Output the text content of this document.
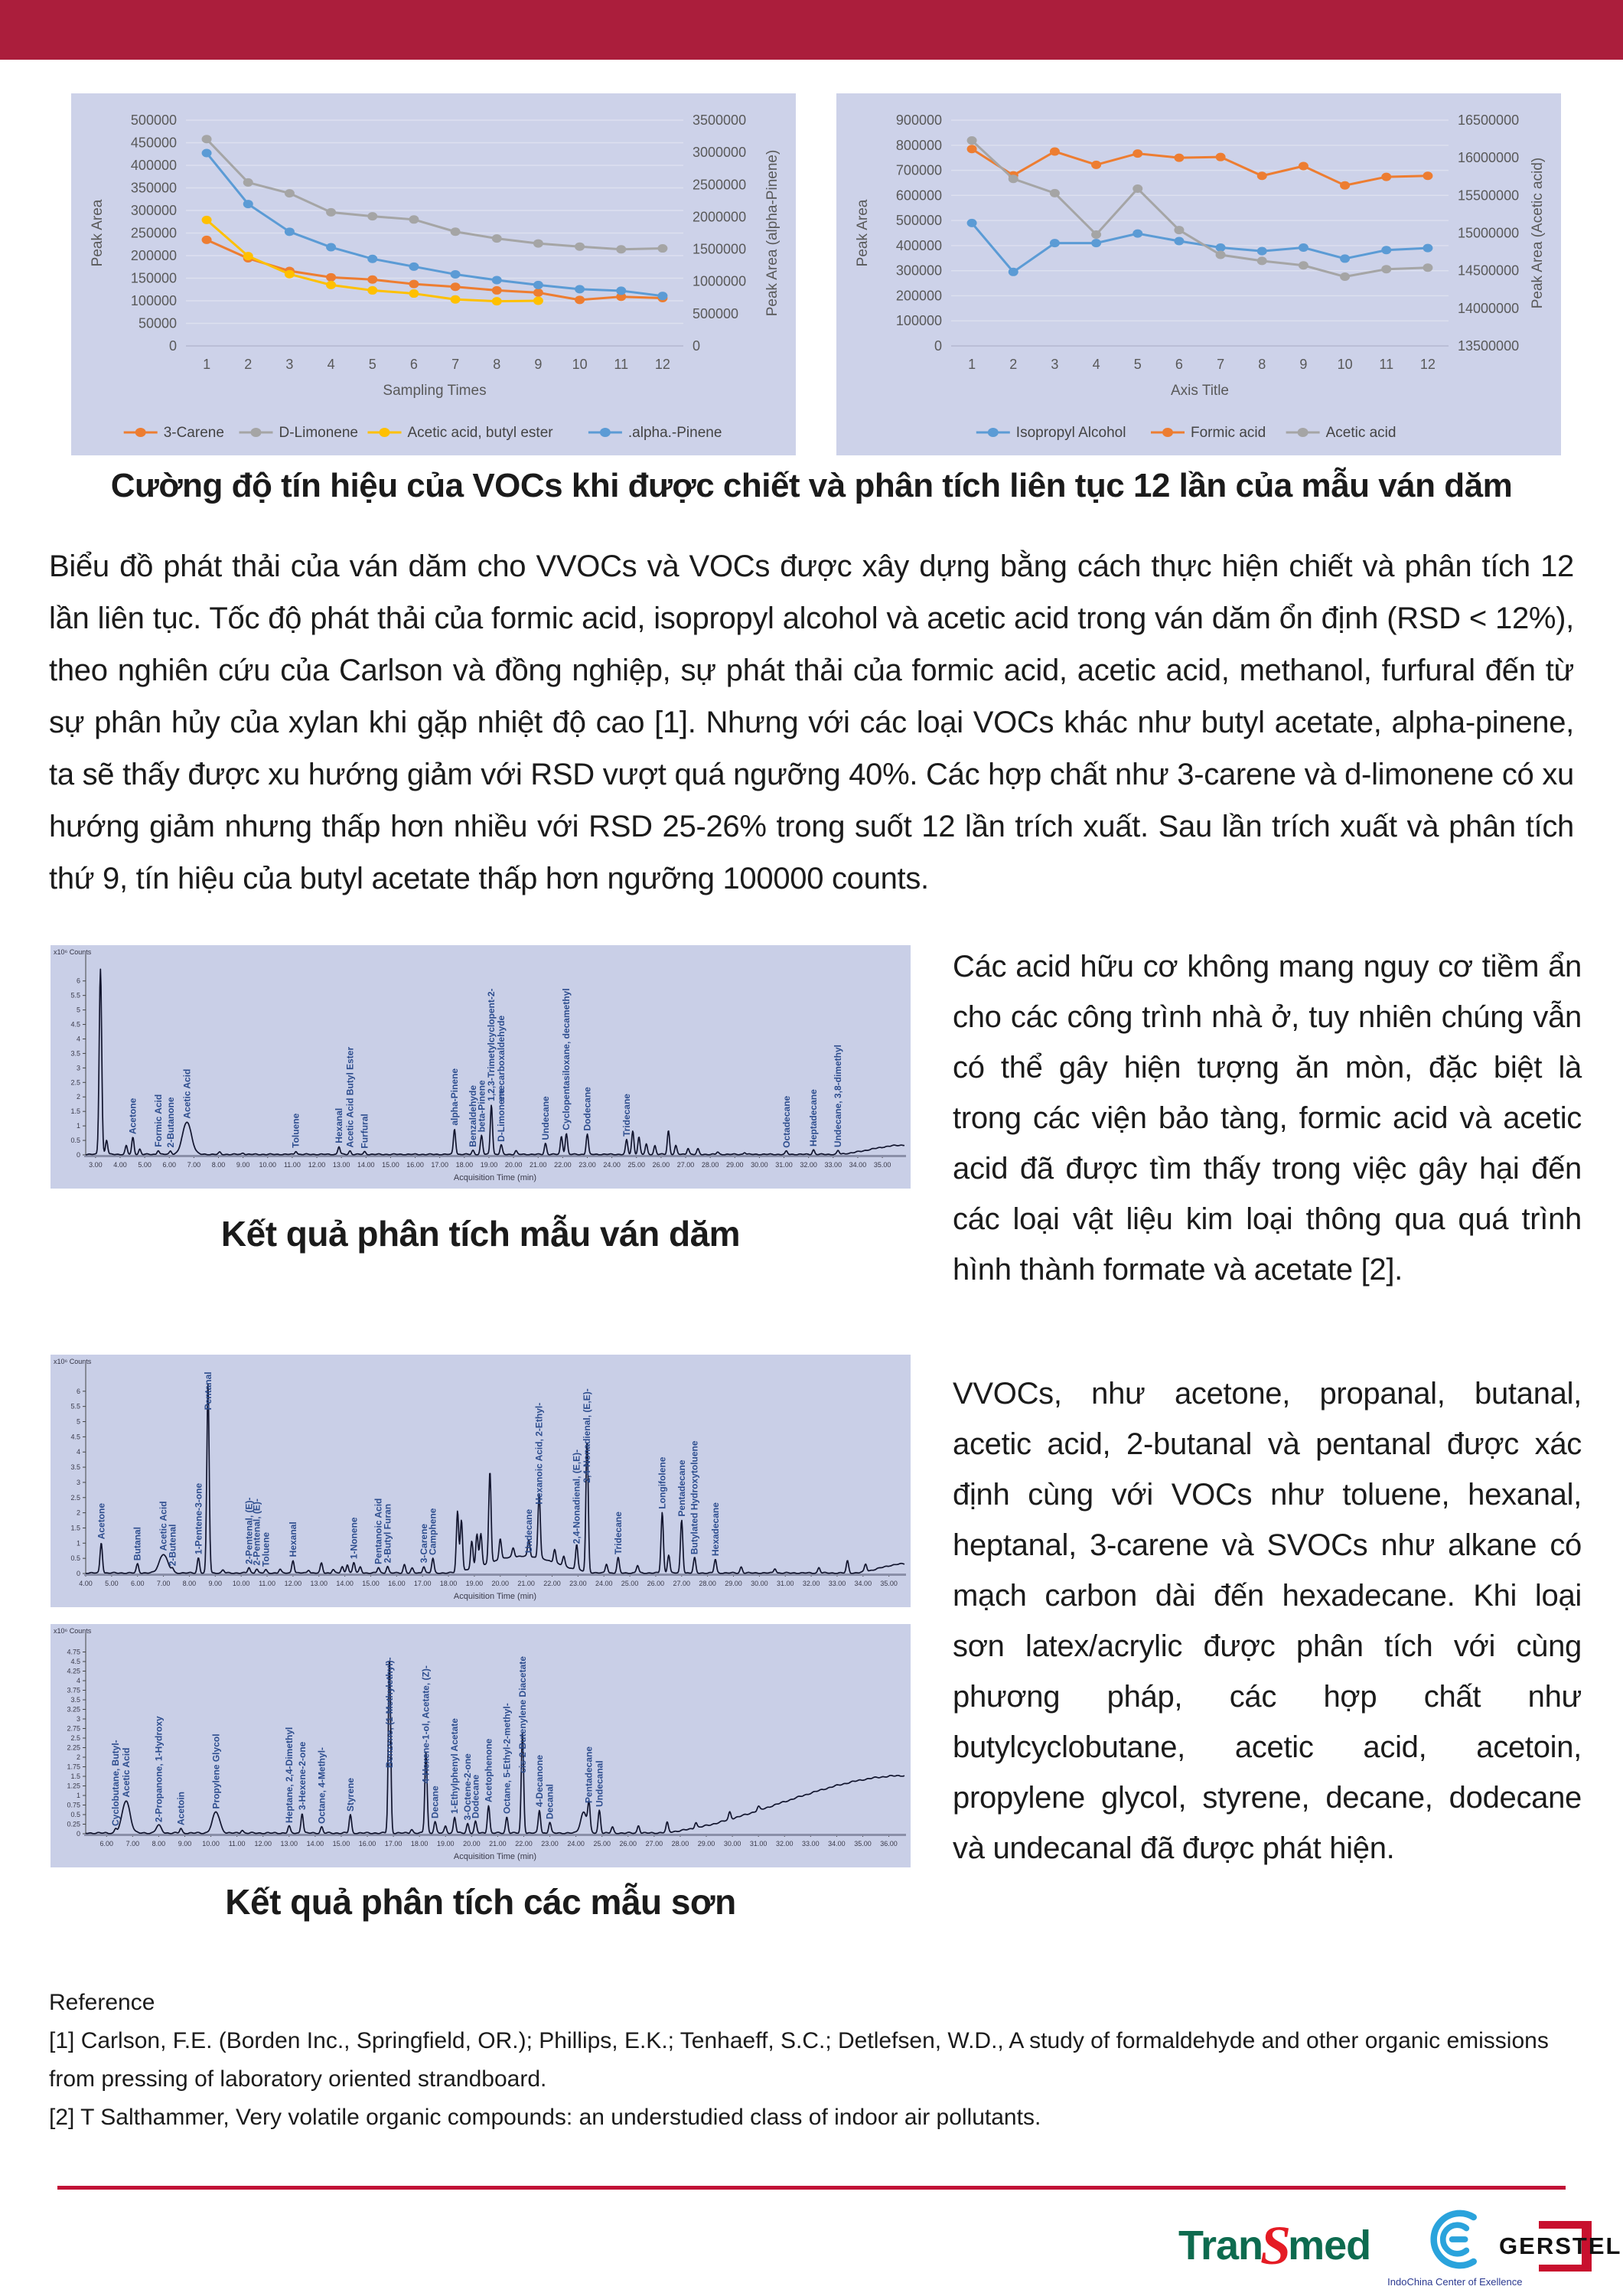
0
50000
100000
150000
200000
250000
300000
350000
400000
450000
500000
0
500000
1000000
1500000
2000000
2500000
3000000
3500000
1 2 3 4 5 6 7 8 9 10 11 12
Sampling Times
Peak Area	Peak Area (alpha-Pinene)
3-Carene	D-Limonene	Acetic acid, butyl ester	.alpha.-Pinene
0
100000
200000
300000
400000
500000
600000
700000
800000
900000
13500000
14000000
14500000
15000000
15500000
16000000
16500000
1 2 3 4 5 6 7 8 9 10 11 12
Axis Title
Peak Area	Peak Area (Acetic acid)
Isopropyl Alcohol	Formic acid	Acetic acid
Cường độ tín hiệu của VOCs khi được chiết và phân tích liên tục 12 lần của mẫu ván dăm
Biểu đồ phát thải của ván dăm cho VVOCs và VOCs được xây dựng bằng cách thực hiện chiết và phân tích 12 lần liên tục. Tốc độ phát thải của formic acid, isopropyl alcohol và acetic acid trong ván dăm ổn định (RSD < 12%), theo nghiên cứu của Carlson và đồng nghiệp, sự phát thải của formic acid, acetic acid, methanol, furfural đến từ sự phân hủy của xylan khi gặp nhiệt độ cao [1]. Nhưng với các loại VOCs khác như butyl acetate, alpha-pinene, ta sẽ thấy được xu hướng giảm với RSD vượt quá ngưỡng 40%. Các hợp chất như 3-carene và d-limonene có xu hướng giảm nhưng thấp hơn nhiều với RSD 25-26% trong suốt 12 lần trích xuất. Sau lần trích xuất và phân tích thứ 9, tín hiệu của butyl acetate thấp hơn ngưỡng 100000 counts.
0
0.5
1
1.5
2
2.5
3
3.5
4
4.5
5
5.5
6
x10⁶ Counts
3.00 4.00 5.00 6.00 7.00 8.00 9.00 10.00 11.00 12.00 13.00 14.00 15.00 16.00 17.00 18.00 19.00 20.00 21.00 22.00 23.00 24.00 25.00 26.00 27.00 28.00 29.00 30.00 31.00 32.00 33.00 34.00 35.00
Acquisition Time (min)
Acetone Formic Acid 2-Butanone
Acetic Acid
Toluene	Hexanal Acetic Acid Butyl Ester Furfural
alpha-Pinene Benzaldehyde
beta-Pinene
1,2,3-Trimetylcyclopent-2- enecarboxaldehyde
D-Limonene	Undecane Cyclopentasiloxane, decamethyl Dodecane	Tridecane	Octadecane Heptadecane Undecane, 3,8-dimethyl
Kết quả phân tích mẫu ván dăm
Các acid hữu cơ không mang nguy cơ tiềm ẩn cho các công trình nhà ở, tuy nhiên chúng vẫn có thể gây hiện tượng ăn mòn, đặc biệt là trong các viện bảo tàng, formic acid và acetic acid đã được tìm thấy trong việc gây hại đến các loại vật liệu kim loại thông qua quá trình hình thành formate và acetate [2].
0
0.5
1
1.5
2
2.5
3
3.5
4
4.5
5
5.5
6
x10⁶ Counts
4.00 5.00 6.00 7.00 8.00 9.00 10.00 11.00 12.00 13.00 14.00 15.00 16.00 17.00 18.00 19.00 20.00 21.00 22.00 23.00 24.00 25.00 26.00 27.00 28.00 29.00 30.00 31.00 32.00 33.00 34.00 35.00
Acquisition Time (min)
Acetone
Butanal Acetic Acid
2-Butenal 1-Pentene-3-one
Pentanal
2-Pentenal, (E)-
2-Pentenal, (E)-
Toluene Hexanal	1-Nonene Pentanoic Acid
2-Butyl Furan	3-Carene
Camphene	Undecane
Hexanoic Acid, 2-Ethyl-	2,4-Nonadienal, (E,E)-
2,4-Nonadienal, (E,E)-
Tridecane
Longifolene Pentadecane Butylated Hydroxytoluene Hexadecane
0
0.25
0.5
0.75
1
1.25
1.5
1.75
2
2.25
2.5
2.75
3
3.25
3.5
3.75
4
4.25
4.5
4.75
x10⁶ Counts
6.00 7.00 8.00 9.00 10.00 11.00 12.00 13.00 14.00 15.00 16.00 17.00 18.00 19.00 20.00 21.00 22.00 23.00 24.00 25.00 26.00 27.00 28.00 29.00 30.00 31.00 32.00 33.00 34.00 35.00 36.00
Acquisition Time (min)
Cyclobutane, Butyl- Acetic Acid 2-Propanone, 1-Hydroxy Acetoin	Propylene Glycol	Heptane, 2,4-Dimethyl 3-Hexene-2-one Octane, 4-Methyl- Styrene
Benzene, (1-Methylethyl)-	4-Hexene-1-ol, Acetate, (Z)-
Decane 1-Ethylphenyl Acetate 3-Octene-2-one
Dodecane Acetophenone Octane, 5-Ethyl-2-methyl- cis-2-Butenylene Diacetate
4-Decanone Decanal	Pentadecane Undecanal
Kết quả phân tích các mẫu sơn
VVOCs, như acetone, propanal, butanal, acetic acid, 2-butanal và pentanal được xác định cùng với VOCs như toluene, hexanal, heptanal, 3-carene và SVOCs như alkane có mạch carbon dài đến hexadecane. Khi loại sơn latex/acrylic được phân tích với cùng phương pháp, các hợp chất như butylcyclobutane, acetic acid, acetoin, propylene glycol, styrene, decane, dodecane và undecanal đã được phát hiện.
Reference
[1] Carlson, F.E. (Borden Inc., Springfield, OR.); Phillips, E.K.; Tenhaeff, S.C.; Detlefsen, W.D., A study of formaldehyde and other organic emissions from pressing of laboratory oriented strandboard.
[2] T Salthammer, Very volatile organic compounds: an understudied class of indoor air pollutants.
TranSmed
IndoChina Center of Exellence
GERSTEL
